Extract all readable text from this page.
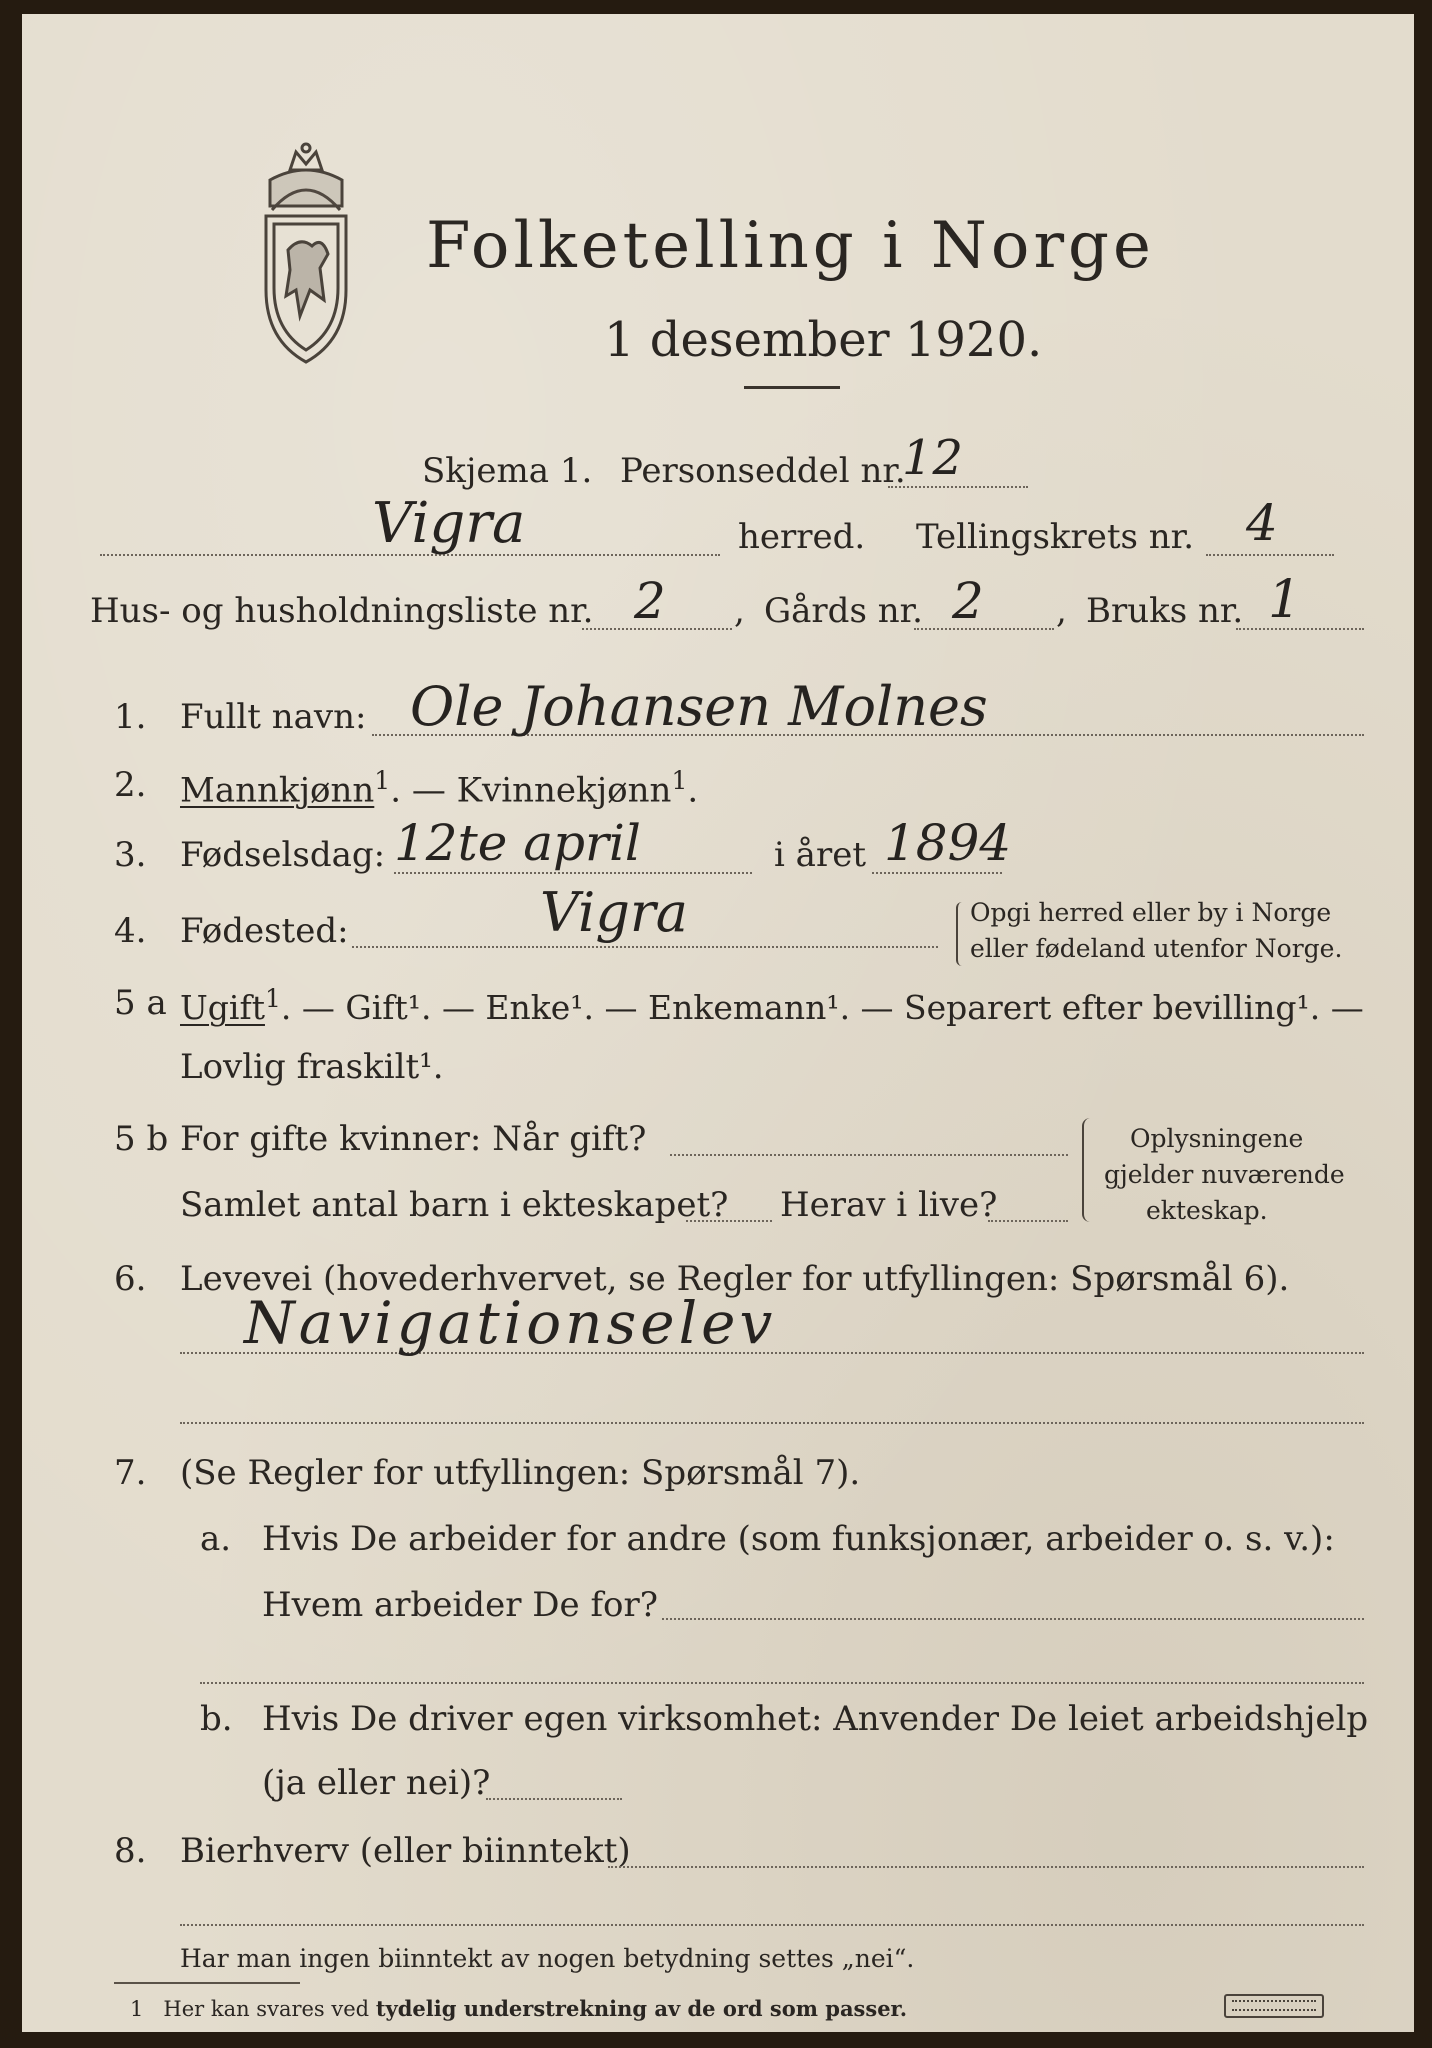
Folketelling i Norge
1 desember 1920.
Skjema 1. Personseddel nr.
12
Vigra	herred. Tellingskrets nr. 4
Hus- og husholdningsliste nr. 2 , Gårds nr. 2 , Bruks nr. 1
1. Fullt navn: Ole Johansen Molnes
2. Mannkjønn$^1$. — Kvinnekjønn$^1$.
3. Fødselsdag: 12te april	i året 1894
4. Fødested:	Vigra	Opgi herred eller by i Norge
eller fødeland utenfor Norge.
5 a Ugift$^1$. — Gift¹. — Enke¹. — Enkemann¹. — Separert efter bevilling¹. —
Lovlig fraskilt¹.
5 b For gifte kvinner: Når gift?
Samlet antal barn i ekteskapet? Herav i live?
Oplysningene
gjelder nuværende
ekteskap.
6. Levevei (hovederhvervet, se Regler for utfyllingen: Spørsmål 6).
Navigationselev
7. (Se Regler for utfyllingen: Spørsmål 7).
a. Hvis De arbeider for andre (som funksjonær, arbeider o. s. v.):
Hvem arbeider De for?
b. Hvis De driver egen virksomhet: Anvender De leiet arbeidshjelp
(ja eller nei)?
8. Bierhverv (eller biinntekt)
Har man ingen biinntekt av nogen betydning settes „nei“.
1 Her kan svares ved tydelig understrekning av de ord som passer.
